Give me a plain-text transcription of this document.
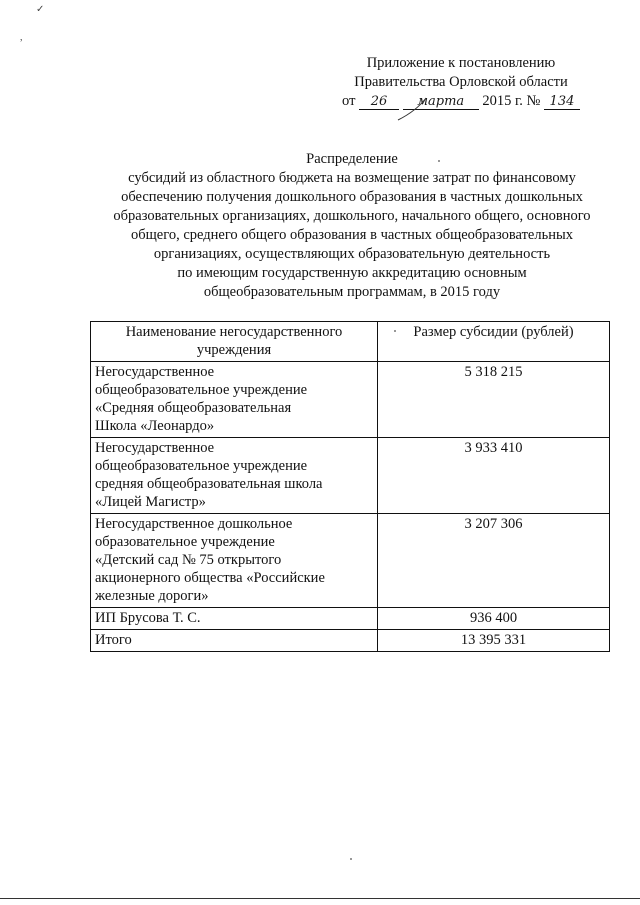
✓
,
Приложение к постановлению
Правительства Орловской области
от 26 марта 2015 г. № 134
Распределение
субсидий из областного бюджета на возмещение затрат по финансовому
обеспечению получения дошкольного образования в частных дошкольных
образовательных организациях, дошкольного, начального общего, основного
общего, среднего общего образования в частных общеобразовательных
организациях, осуществляющих образовательную деятельность
по имеющим государственную аккредитацию основным
общеобразовательным программам, в 2015 году
Наименование негосударственного учреждения	Размер субсидии (рублей)

Негосударственное
общеобразовательное учреждение
«Средняя общеобразовательная
Школа «Леонардо»	5 318 215

Негосударственное
общеобразовательное учреждение
средняя общеобразовательная школа
«Лицей Магистр»	3 933 410

Негосударственное дошкольное
образовательное учреждение
«Детский сад № 75 открытого
акционерного общества «Российские
железные дороги»	3 207 306
ИП Брусова Т. С.	936 400
Итого	13 395 331
